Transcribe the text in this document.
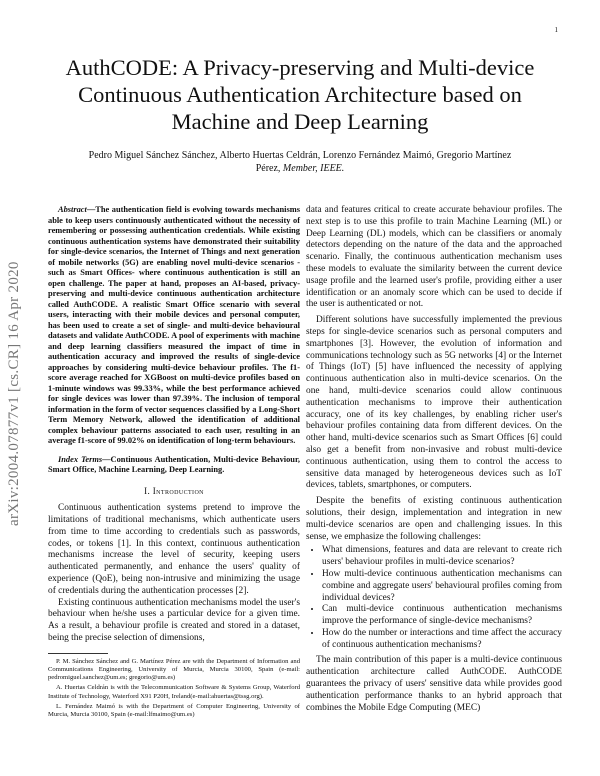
1
arXiv:2004.07877v1 [cs.CR] 16 Apr 2020
AuthCODE: A Privacy-preserving and Multi-device Continuous Authentication Architecture based on Machine and Deep Learning
Pedro Miguel Sánchez Sánchez, Alberto Huertas Celdrán, Lorenzo Fernández Maimó, Gregorio Martínez Pérez, Member, IEEE.

Abstract—The authentication field is evolving towards mechanisms able to keep users continuously authenticated without the necessity of remembering or possessing authentication credentials. While existing continuous authentication systems have demonstrated their suitability for single-device scenarios, the Internet of Things and next generation of mobile networks (5G) are enabling novel multi-device scenarios -such as Smart Offices- where continuous authentication is still an open challenge. The paper at hand, proposes an AI-based, privacy-preserving and multi-device continuous authentication architecture called AuthCODE. A realistic Smart Office scenario with several users, interacting with their mobile devices and personal computer, has been used to create a set of single- and multi-device behavioural datasets and validate AuthCODE. A pool of experiments with machine and deep learning classifiers measured the impact of time in authentication accuracy and improved the results of single-device approaches by considering multi-device behaviour profiles. The f1-score average reached for XGBoost on multi-device profiles based on 1-minute windows was 99.33%, while the best performance achieved for single devices was lower than 97.39%. The inclusion of temporal information in the form of vector sequences classified by a Long-Short Term Memory Network, allowed the identification of additional complex behaviour patterns associated to each user, resulting in an average f1-score of 99.02% on identification of long-term behaviours.

Index Terms—Continuous Authentication, Multi-device Behaviour, Smart Office, Machine Learning, Deep Learning.

I. Introduction

Continuous authentication systems pretend to improve the limitations of traditional mechanisms, which authenticate users from time to time according to credentials such as passwords, codes, or tokens [1]. In this context, continuous authentication mechanisms increase the level of security, keeping users authenticated permanently, and enhance the users' quality of experience (QoE), being non-intrusive and minimizing the usage of credentials during the authentication processes [2].

Existing continuous authentication mechanisms model the user's behaviour when he/she uses a particular device for a given time. As a result, a behaviour profile is created and stored in a dataset, being the precise selection of dimensions,

P. M. Sánchez Sánchez and G. Martínez Pérez are with the Department of Information and Communications Engineering, University of Murcia, Murcia 30100, Spain (e-mail: pedromiguel.sanchez@um.es; gregorio@um.es)

A. Huertas Celdrán is with the Telecommunication Software & Systems Group, Waterford Institute of Technology, Waterford X91 P20H, Ireland(e-mail:ahuertas@tssg.org).

L. Fernández Maimó is with the Department of Computer Engineering, University of Murcia, Murcia 30100, Spain (e-mail:lfmaimo@um.es)

data and features critical to create accurate behaviour profiles. The next step is to use this profile to train Machine Learning (ML) or Deep Learning (DL) models, which can be classifiers or anomaly detectors depending on the nature of the data and the approached scenario. Finally, the continuous authentication mechanism uses these models to evaluate the similarity between the current device usage profile and the learned user's profile, providing either a user identification or an anomaly score which can be used to decide if the user is authenticated or not.

Different solutions have successfully implemented the previous steps for single-device scenarios such as personal computers and smartphones [3]. However, the evolution of information and communications technology such as 5G networks [4] or the Internet of Things (IoT) [5] have influenced the necessity of applying continuous authentication also in multi-device scenarios. On the one hand, multi-device scenarios could allow continuous authentication mechanisms to improve their authentication accuracy, one of its key challenges, by enabling richer user's behaviour profiles containing data from different devices. On the other hand, multi-device scenarios such as Smart Offices [6] could also get a benefit from non-invasive and robust multi-device continuous authentication, using them to control the access to sensitive data managed by heterogeneous devices such as IoT devices, tablets, smartphones, or computers.

Despite the benefits of existing continuous authentication solutions, their design, implementation and integration in new multi-device scenarios are open and challenging issues. In this sense, we emphasize the following challenges:

• What dimensions, features and data are relevant to create rich users' behaviour profiles in multi-device scenarios?
• How multi-device continuous authentication mechanisms can combine and aggregate users' behavioural profiles coming from individual devices?
• Can multi-device continuous authentication mechanisms improve the performance of single-device mechanisms?
• How do the number or interactions and time affect the accuracy of continuous authentication mechanisms?

The main contribution of this paper is a multi-device continuous authentication architecture called AuthCODE. AuthCODE guarantees the privacy of users' sensitive data while provides good authentication performance thanks to an hybrid approach that combines the Mobile Edge Computing (MEC)
